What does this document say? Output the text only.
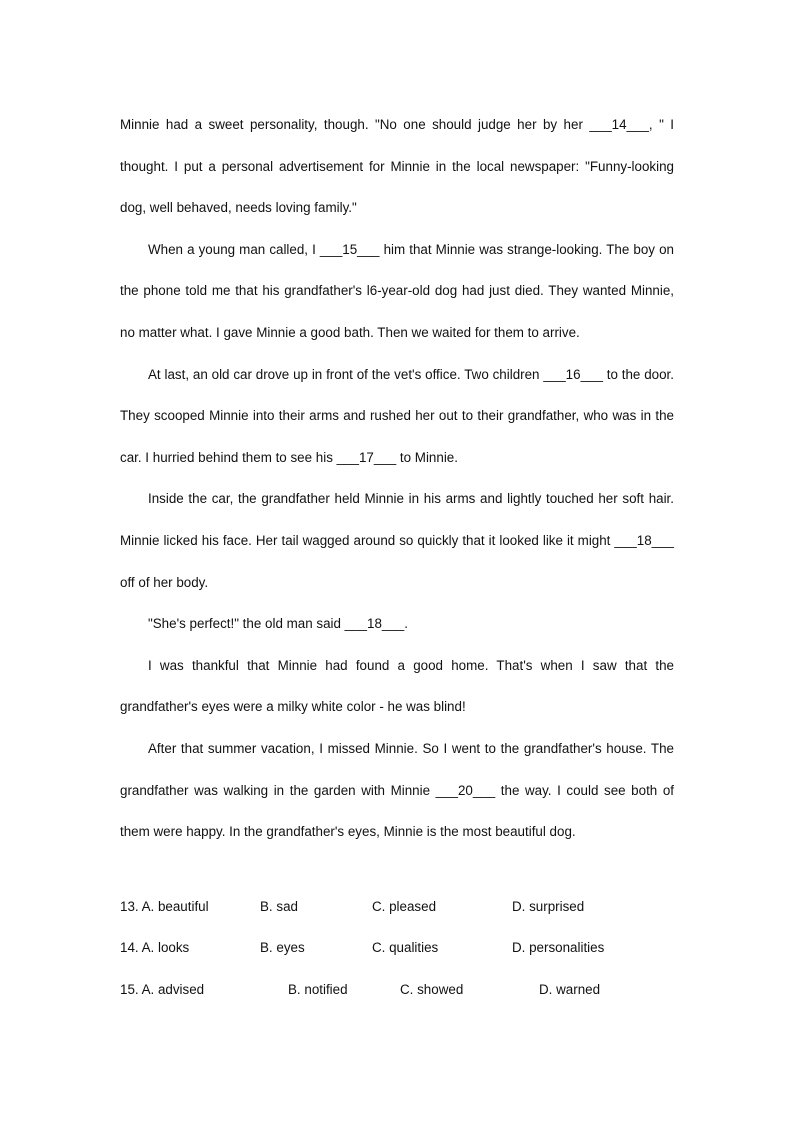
Minnie had a sweet personality, though. "No one should judge her by her ___14___, " I thought. I put a personal advertisement for Minnie in the local newspaper: "Funny-looking dog, well behaved, needs loving family."

When a young man called, I ___15___ him that Minnie was strange-looking. The boy on the phone told me that his grandfather's l6-year-old dog had just died. They wanted Minnie, no matter what. I gave Minnie a good bath. Then we waited for them to arrive.

At last, an old car drove up in front of the vet's office. Two children ___16___ to the door. They scooped Minnie into their arms and rushed her out to their grandfather, who was in the car. I hurried behind them to see his ___17___ to Minnie.

Inside the car, the grandfather held Minnie in his arms and lightly touched her soft hair. Minnie licked his face. Her tail wagged around so quickly that it looked like it might ___18___ off of her body.

"She's perfect!" the old man said ___18___.

I was thankful that Minnie had found a good home. That's when I saw that the grandfather's eyes were a milky white color - he was blind!

After that summer vacation, I missed Minnie. So I went to the grandfather's house. The grandfather was walking in the garden with Minnie ___20___ the way. I could see both of them were happy. In the grandfather's eyes, Minnie is the most beautiful dog.

13. A. beautiful	B. sad	C. pleased	D. surprised
14. A. looks	B. eyes	C. qualities	D. personalities
15. A. advised	B. notified	C. showed	D. warned
